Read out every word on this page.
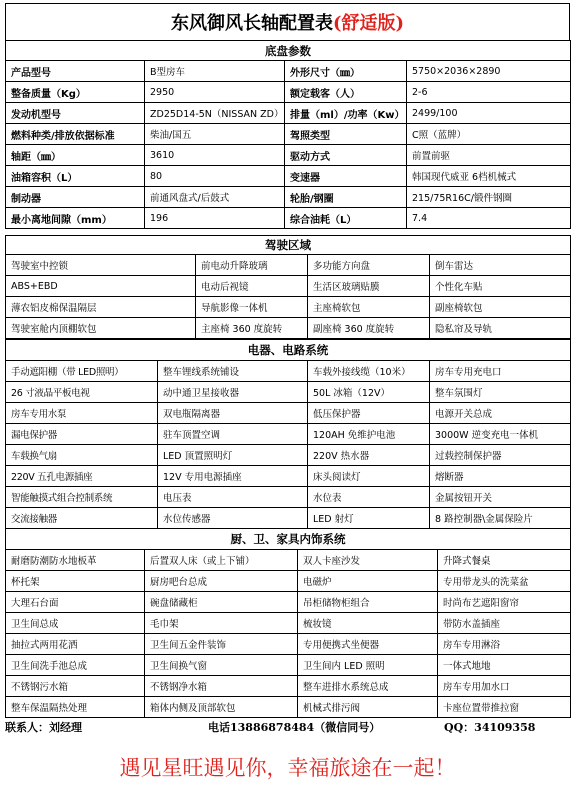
东风御风长轴配置表 (舒适版)
底盘参数			
产品型号	B型房车	外形尺寸（㎜）	5750×2036×2890
整备质量（Kg）	2950	额定载客（人）	2-6
发动机型号	ZD25D14-5N（NISSAN ZD）	排量（ml）/功率（Kw）	2499/100
燃料种类/排放依据标准	柴油/国五	驾照类型	C照（蓝牌）
轴距（㎜）	3610	驱动方式	前置前驱
油箱容积（L）	80	变速器	韩国现代威亚 6档机械式
制动器	前通风盘式/后鼓式	轮胎/钢圈	215/75R16C/锻件钢圈
最小离地间隙（mm）	196	综合油耗（L）	7.4
驾驶区域			
驾驶室中控锁	前电动升降玻璃	多功能方向盘	倒车雷达
ABS+EBD	电动后视镜	生活区玻璃贴膜	个性化车贴
薄农铝皮棉保温隔层	导航影像一体机	主座椅软包	副座椅软包
驾驶室舱内顶棚软包	主座椅 360 度旋转	副座椅 360 度旋转	隐私帘及导轨
电器、电路系统			
手动遮阳棚（带 LED照明）	整车锂线系统铺设	车载外接线缆（10米）	房车专用充电口
26 寸液晶平板电视	动中通卫星接收器	50L 冰箱（12V）	整车氛围灯
房车专用水泵	双电瓶隔离器	低压保护器	电源开关总成
漏电保护器	驻车顶置空调	120AH 免维护电池	3000W 逆变充电一体机
车载换气扇	LED 顶置照明灯	220V 热水器	过载控制保护器
220V 五孔电源插座	12V 专用电源插座	床头阅读灯	熔断器
智能触摸式组合控制系统	电压表	水位表	金属按钮开关
交流接触器	水位传感器	LED 射灯	8 路控制器\金属保险片
厨、卫、家具内饰系统			
耐磨防潮防水地板革	后置双人床（或上下铺）	双人卡座沙发	升降式餐桌
杯托架	厨房吧台总成	电磁炉	专用带龙头的洗菜盆
大理石台面	碗盘储藏柜	吊柜储物柜组合	时尚布艺遮阳窗帘
卫生间总成	毛巾架	梳妆镜	带防水盖插座
抽拉式两用花洒	卫生间五金件装饰	专用便携式坐便器	房车专用淋浴
卫生间洗手池总成	卫生间换气窗	卫生间内 LED 照明	一体式地地
不锈钢污水箱	不锈钢净水箱	整车进排水系统总成	房车专用加水口
整车保温隔热处理	箱体内侧及顶部软包	机械式排污阀	卡座位置带推拉窗
联系人：刘经理	电话13886878484（微信同号）	QQ：34109358
遇见星旺遇见你，幸福旅途在一起！
